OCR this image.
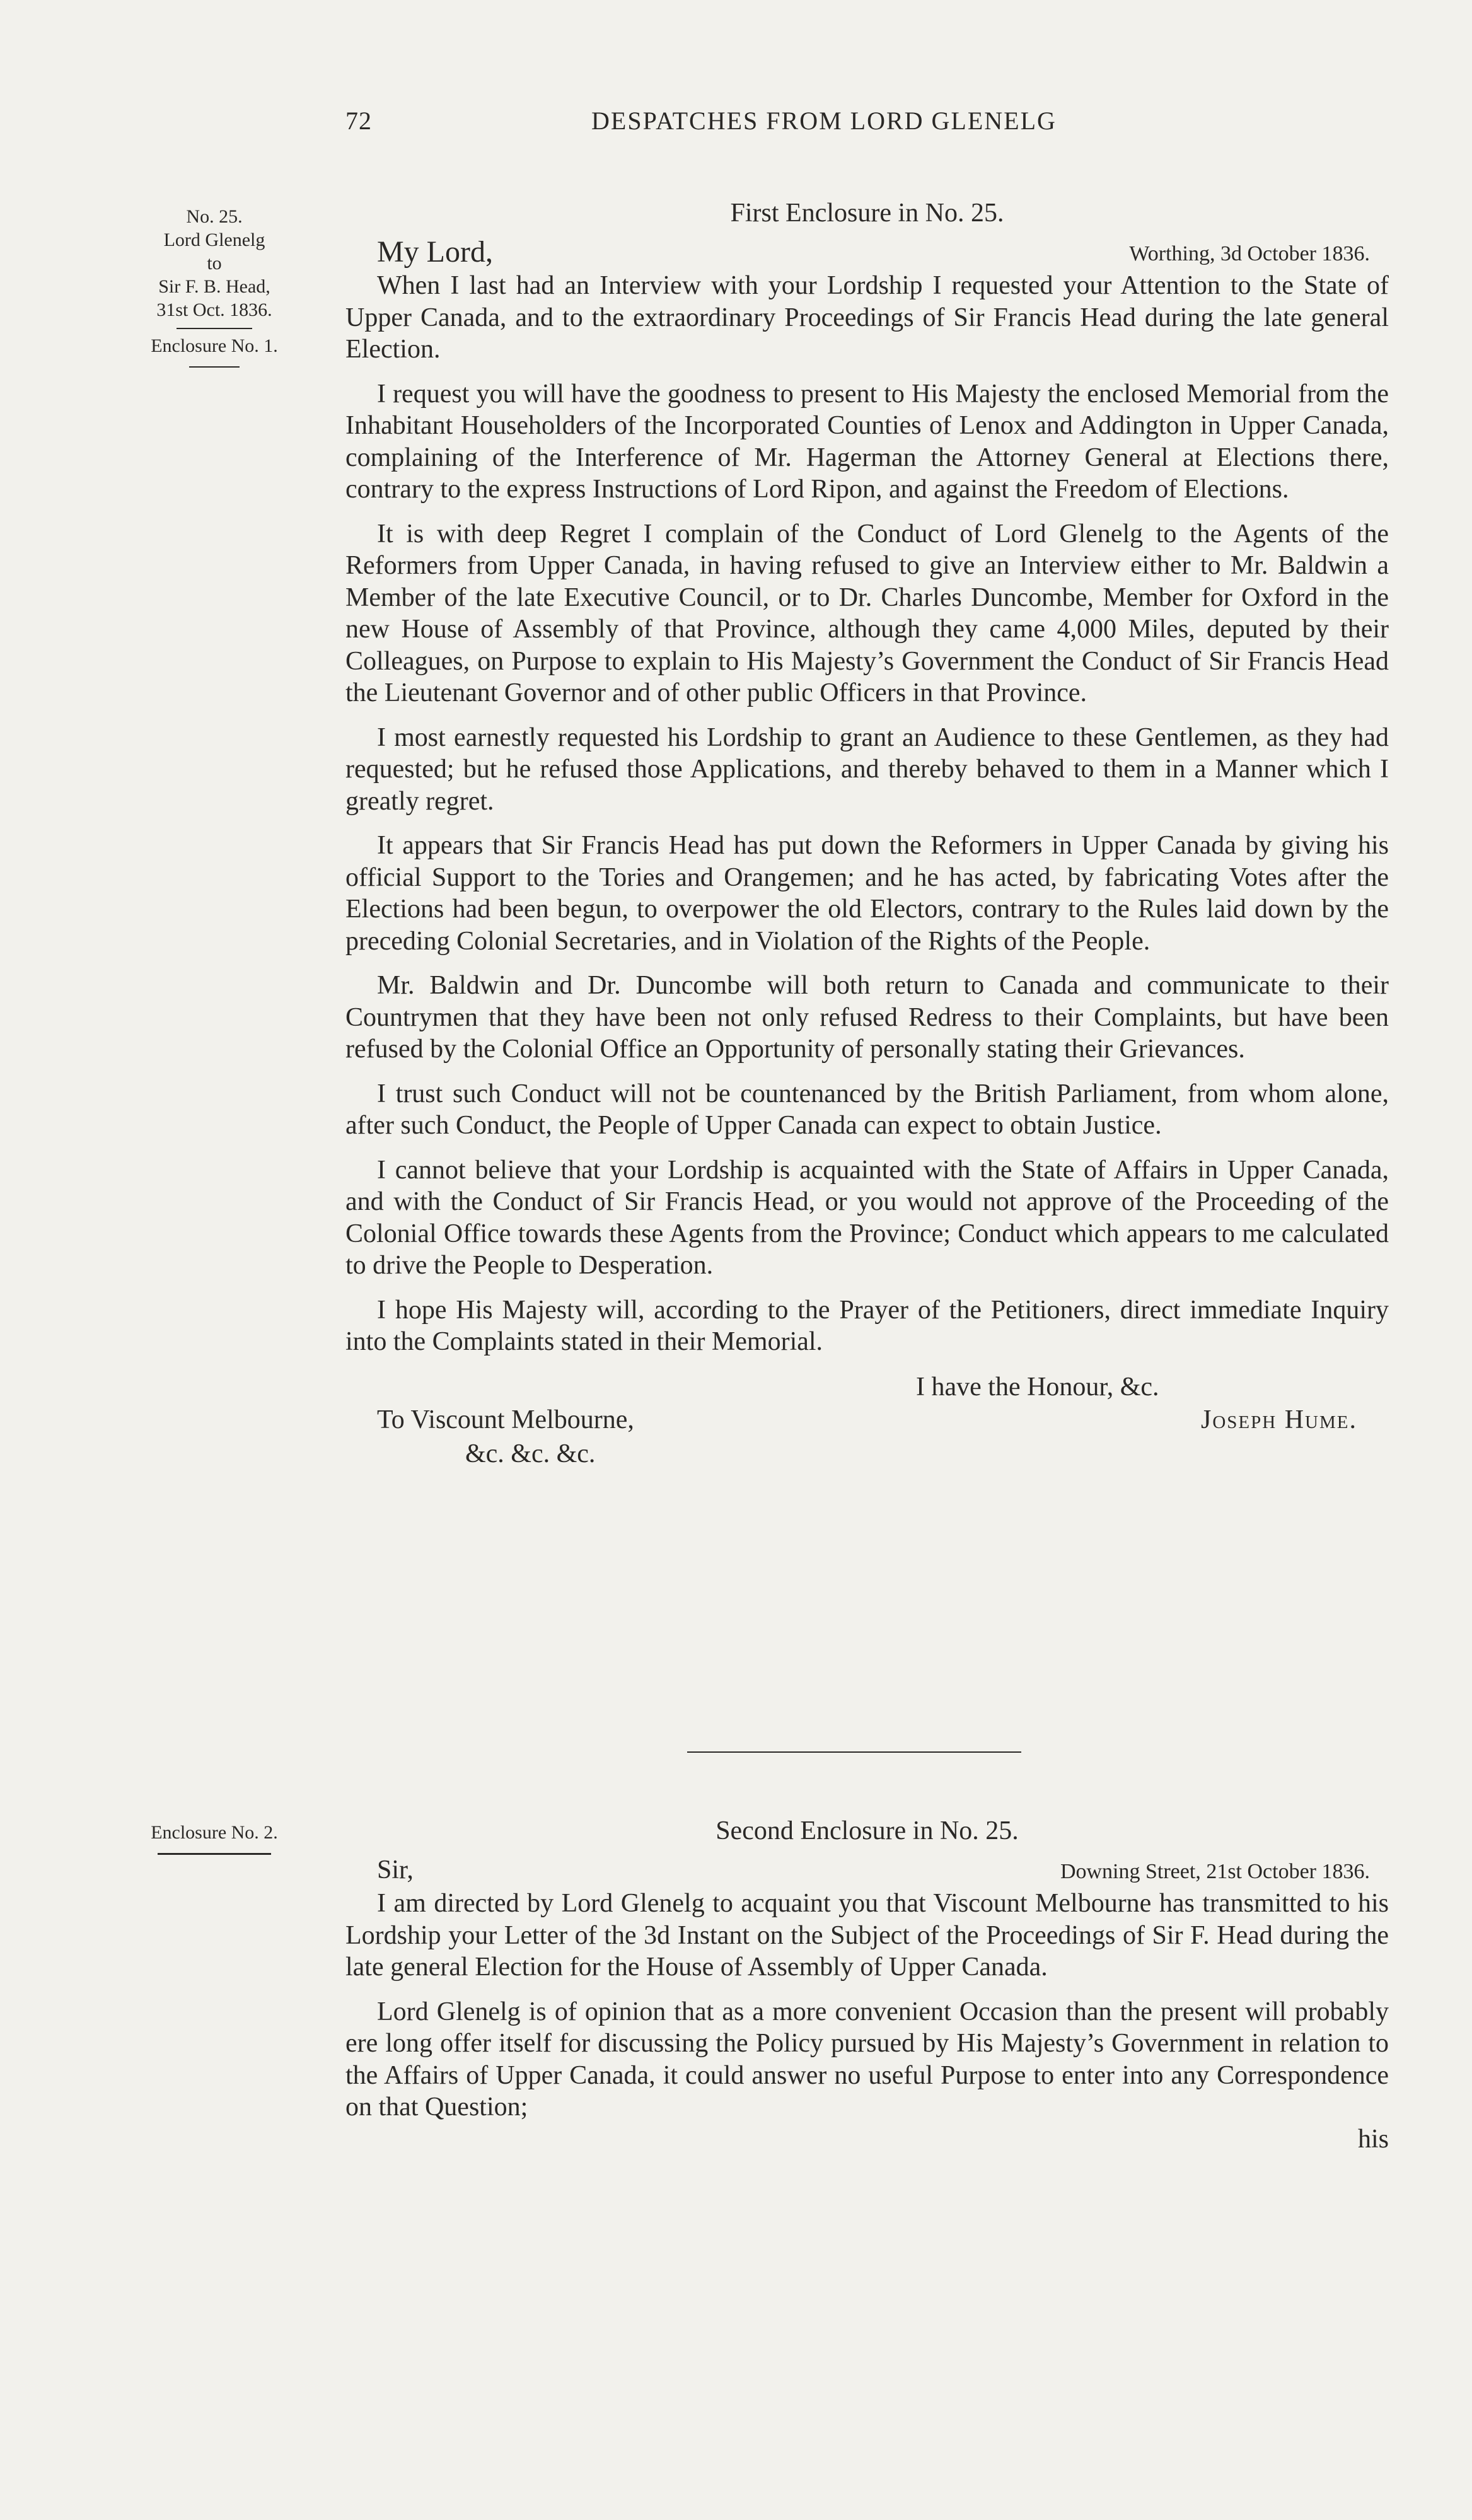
72	DESPATCHES FROM LORD GLENELG
No. 25.
Lord Glenelg
to
Sir F. B. Head,
31st Oct. 1836.
Enclosure No. 1.
First Enclosure in No. 25.
My Lord,	Worthing, 3d October 1836.

When I last had an Interview with your Lordship I requested your Attention to the State of Upper Canada, and to the extraordinary Proceedings of Sir Francis Head during the late general Election.

I request you will have the goodness to present to His Majesty the enclosed Memorial from the Inhabitant Householders of the Incorporated Counties of Lenox and Addington in Upper Canada, complaining of the Interference of Mr. Hagerman the Attorney General at Elections there, contrary to the express Instructions of Lord Ripon, and against the Freedom of Elections.

It is with deep Regret I complain of the Conduct of Lord Glenelg to the Agents of the Reformers from Upper Canada, in having refused to give an Interview either to Mr. Baldwin a Member of the late Executive Council, or to Dr. Charles Duncombe, Member for Oxford in the new House of Assembly of that Province, although they came 4,000 Miles, deputed by their Colleagues, on Purpose to explain to His Majesty’s Government the Conduct of Sir Francis Head the Lieutenant Governor and of other public Officers in that Province.

I most earnestly requested his Lordship to grant an Audience to these Gentlemen, as they had requested; but he refused those Applications, and thereby behaved to them in a Manner which I greatly regret.

It appears that Sir Francis Head has put down the Reformers in Upper Canada by giving his official Support to the Tories and Orangemen; and he has acted, by fabricating Votes after the Elections had been begun, to overpower the old Electors, contrary to the Rules laid down by the preceding Colonial Secretaries, and in Violation of the Rights of the People.

Mr. Baldwin and Dr. Duncombe will both return to Canada and communicate to their Countrymen that they have been not only refused Redress to their Complaints, but have been refused by the Colonial Office an Opportunity of personally stating their Grievances.

I trust such Conduct will not be countenanced by the British Parliament, from whom alone, after such Conduct, the People of Upper Canada can expect to obtain Justice.

I cannot believe that your Lordship is acquainted with the State of Affairs in Upper Canada, and with the Conduct of Sir Francis Head, or you would not approve of the Proceeding of the Colonial Office towards these Agents from the Province; Conduct which appears to me calculated to drive the People to Desperation.

I hope His Majesty will, according to the Prayer of the Petitioners, direct immediate Inquiry into the Complaints stated in their Memorial.

I have the Honour, &c.
To Viscount Melbourne,	Joseph Hume.
&c. &c. &c.
Enclosure No. 2.	Second Enclosure in No. 25.
Sir,	Downing Street, 21st October 1836.

I am directed by Lord Glenelg to acquaint you that Viscount Melbourne has transmitted to his Lordship your Letter of the 3d Instant on the Subject of the Proceedings of Sir F. Head during the late general Election for the House of Assembly of Upper Canada.

Lord Glenelg is of opinion that as a more convenient Occasion than the present will probably ere long offer itself for discussing the Policy pursued by His Majesty’s Government in relation to the Affairs of Upper Canada, it could answer no useful Purpose to enter into any Correspondence on that Question;

his
